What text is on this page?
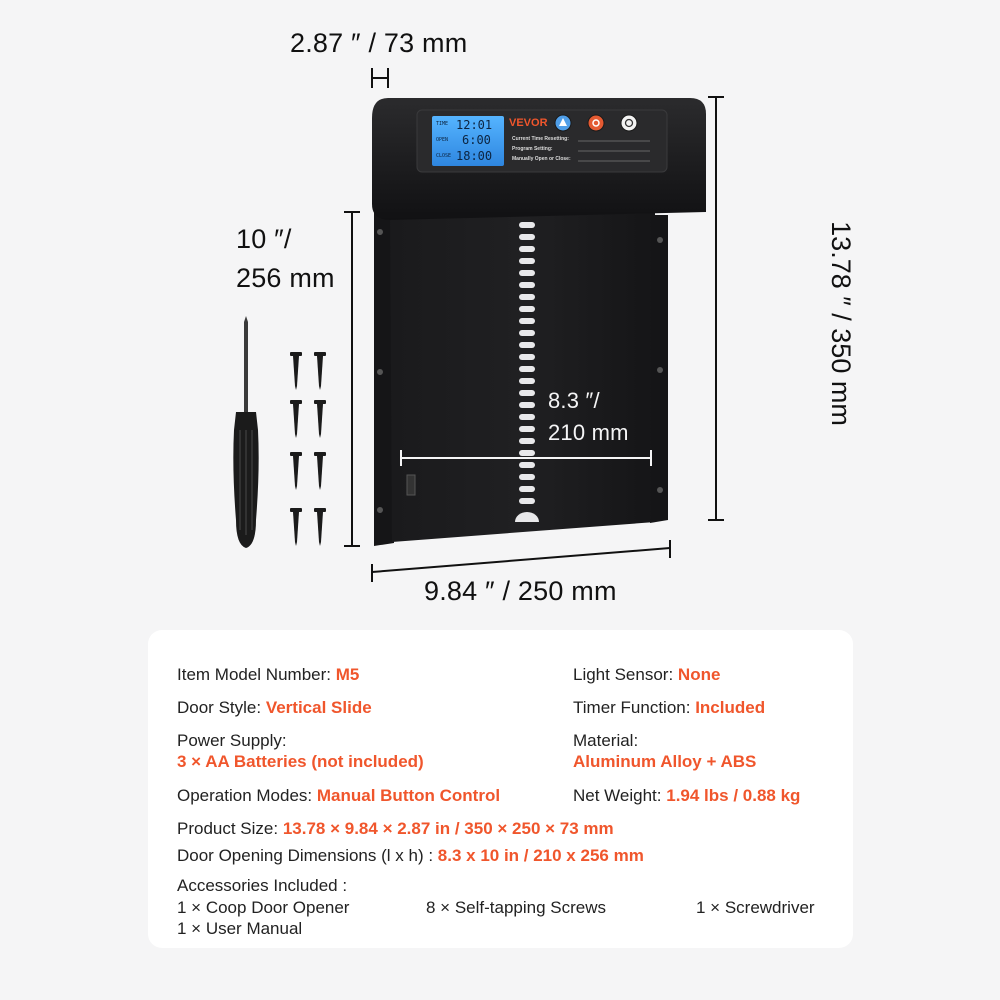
TIME 12:01
OPEN 6:00
CLOSE 18:00
VEVOR
Current Time Resetting:
Program Setting:
Manually Open or Close:
2.87 ″ / 73 mm
13.78 ″ / 350 mm
10 ″/
256 mm
8.3 ″/
210 mm
9.84 ″ / 250 mm
Item Model Number: M5
Door Style: Vertical Slide
Power Supply:
3 × AA Batteries (not included)
Operation Modes: Manual Button Control
Light Sensor: None
Timer Function: Included
Material:
Aluminum Alloy + ABS
Net Weight: 1.94 lbs / 0.88 kg
Product Size: 13.78 × 9.84 × 2.87 in / 350 × 250 × 73 mm
Door Opening Dimensions (l x h) : 8.3 x 10 in / 210 x 256 mm
Accessories Included :
1 × Coop Door Opener	8 × Self-tapping Screws	1 × Screwdriver
1 × User Manual
